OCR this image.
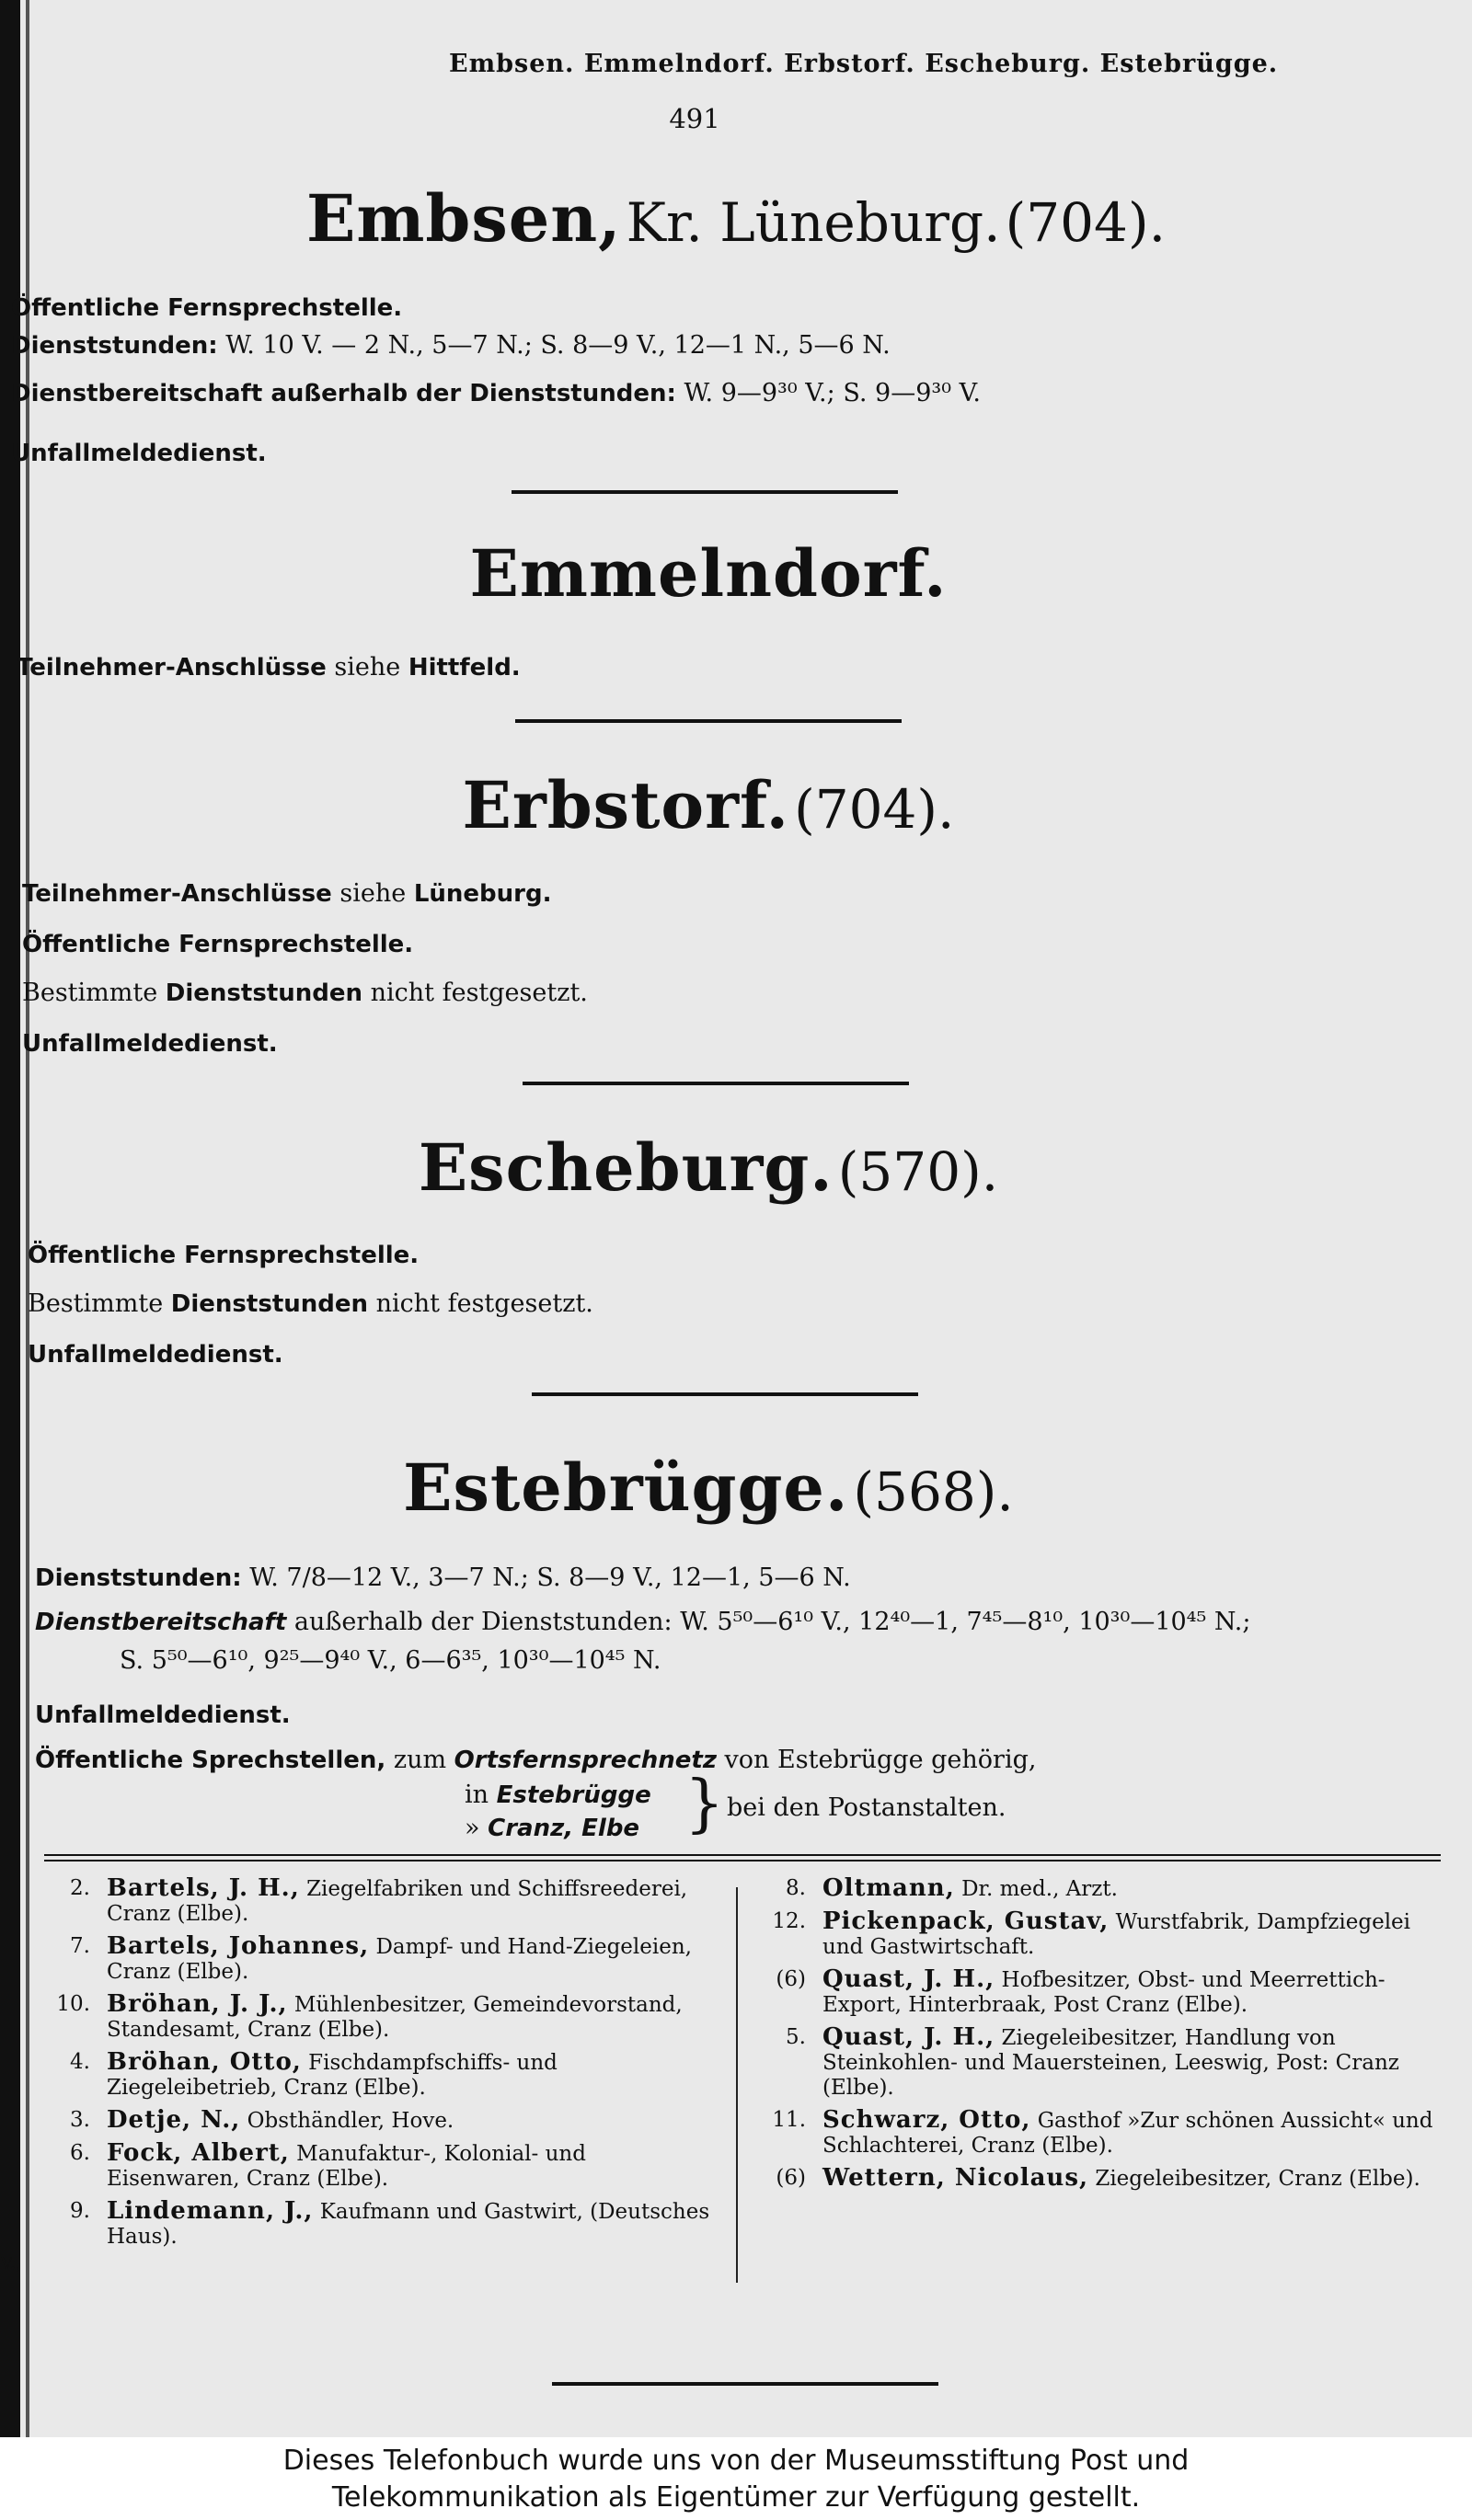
Embsen. Emmelndorf. Erbstorf. Escheburg. Estebrügge.
491
Embsen, Kr. Lüneburg. (704).
Öffentliche Fernsprechstelle.
Dienststunden: W. 10 V. — 2 N., 5—7 N.; S. 8—9 V., 12—1 N., 5—6 N.
Dienstbereitschaft außerhalb der Dienststunden: W. 9—9³⁰ V.; S. 9—9³⁰ V.
Unfallmeldedienst.
Emmelndorf.
Teilnehmer-Anschlüsse siehe Hittfeld.
Erbstorf. (704).
Teilnehmer-Anschlüsse siehe Lüneburg.
Öffentliche Fernsprechstelle.
Bestimmte Dienststunden nicht festgesetzt.
Unfallmeldedienst.
Escheburg. (570).
Öffentliche Fernsprechstelle.
Bestimmte Dienststunden nicht festgesetzt.
Unfallmeldedienst.
Estebrügge. (568).
Dienststunden: W. 7/8—12 V., 3—7 N.; S. 8—9 V., 12—1, 5—6 N.
Dienstbereitschaft außerhalb der Dienststunden: W. 5⁵⁰—6¹⁰ V., 12⁴⁰—1, 7⁴⁵—8¹⁰, 10³⁰—10⁴⁵ N.;
S. 5⁵⁰—6¹⁰, 9²⁵—9⁴⁰ V., 6—6³⁵, 10³⁰—10⁴⁵ N.
Unfallmeldedienst.
Öffentliche Sprechstellen, zum Ortsfernsprechnetz von Estebrügge gehörig,
in Estebrügge
» Cranz, Elbe } bei den Postanstalten.
2. Bartels, J. H., Ziegelfabriken und Schiffsreederei, Cranz (Elbe).
7. Bartels, Johannes, Dampf- und Hand-Ziegeleien, Cranz (Elbe).
10. Bröhan, J. J., Mühlenbesitzer, Gemeindevorstand, Standesamt, Cranz (Elbe).
4. Bröhan, Otto, Fischdampfschiffs- und Ziegeleibetrieb, Cranz (Elbe).
3. Detje, N., Obsthändler, Hove.
6. Fock, Albert, Manufaktur-, Kolonial- und Eisenwaren, Cranz (Elbe).
9. Lindemann, J., Kaufmann und Gastwirt, (Deutsches Haus).
8. Oltmann, Dr. med., Arzt.
12. Pickenpack, Gustav, Wurstfabrik, Dampfziegelei und Gastwirtschaft.
(6) Quast, J. H., Hofbesitzer, Obst- und Meerrettich-Export, Hinterbraak, Post Cranz (Elbe).
5. Quast, J. H., Ziegeleibesitzer, Handlung von Steinkohlen- und Mauersteinen, Leeswig, Post: Cranz (Elbe).
11. Schwarz, Otto, Gasthof »Zur schönen Aussicht« und Schlachterei, Cranz (Elbe).
(6) Wettern, Nicolaus, Ziegeleibesitzer, Cranz (Elbe).
V.,
Dieses Telefonbuch wurde uns von der Museumsstiftung Post und
Telekommunikation als Eigentümer zur Verfügung gestellt.
